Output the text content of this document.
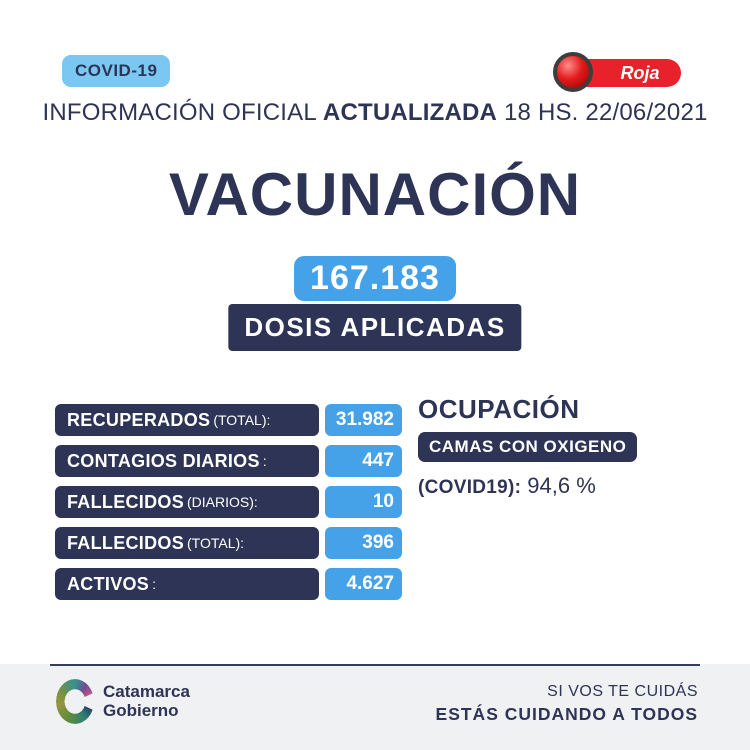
COVID-19	Roja
INFORMACIÓN OFICIAL ACTUALIZADA 18 HS. 22/06/2021
VACUNACIÓN
167.183
DOSIS APLICADAS
RECUPERADOS (TOTAL):	31.982
CONTAGIOS DIARIOS :	447
FALLECIDOS (DIARIOS):	10
FALLECIDOS (TOTAL):	396
ACTIVOS :	4.627
OCUPACIÓN
CAMAS CON OXIGENO
(COVID19): 94,6 %
Catamarca
Gobierno
SI VOS TE CUIDÁS
ESTÁS CUIDANDO A TODOS
